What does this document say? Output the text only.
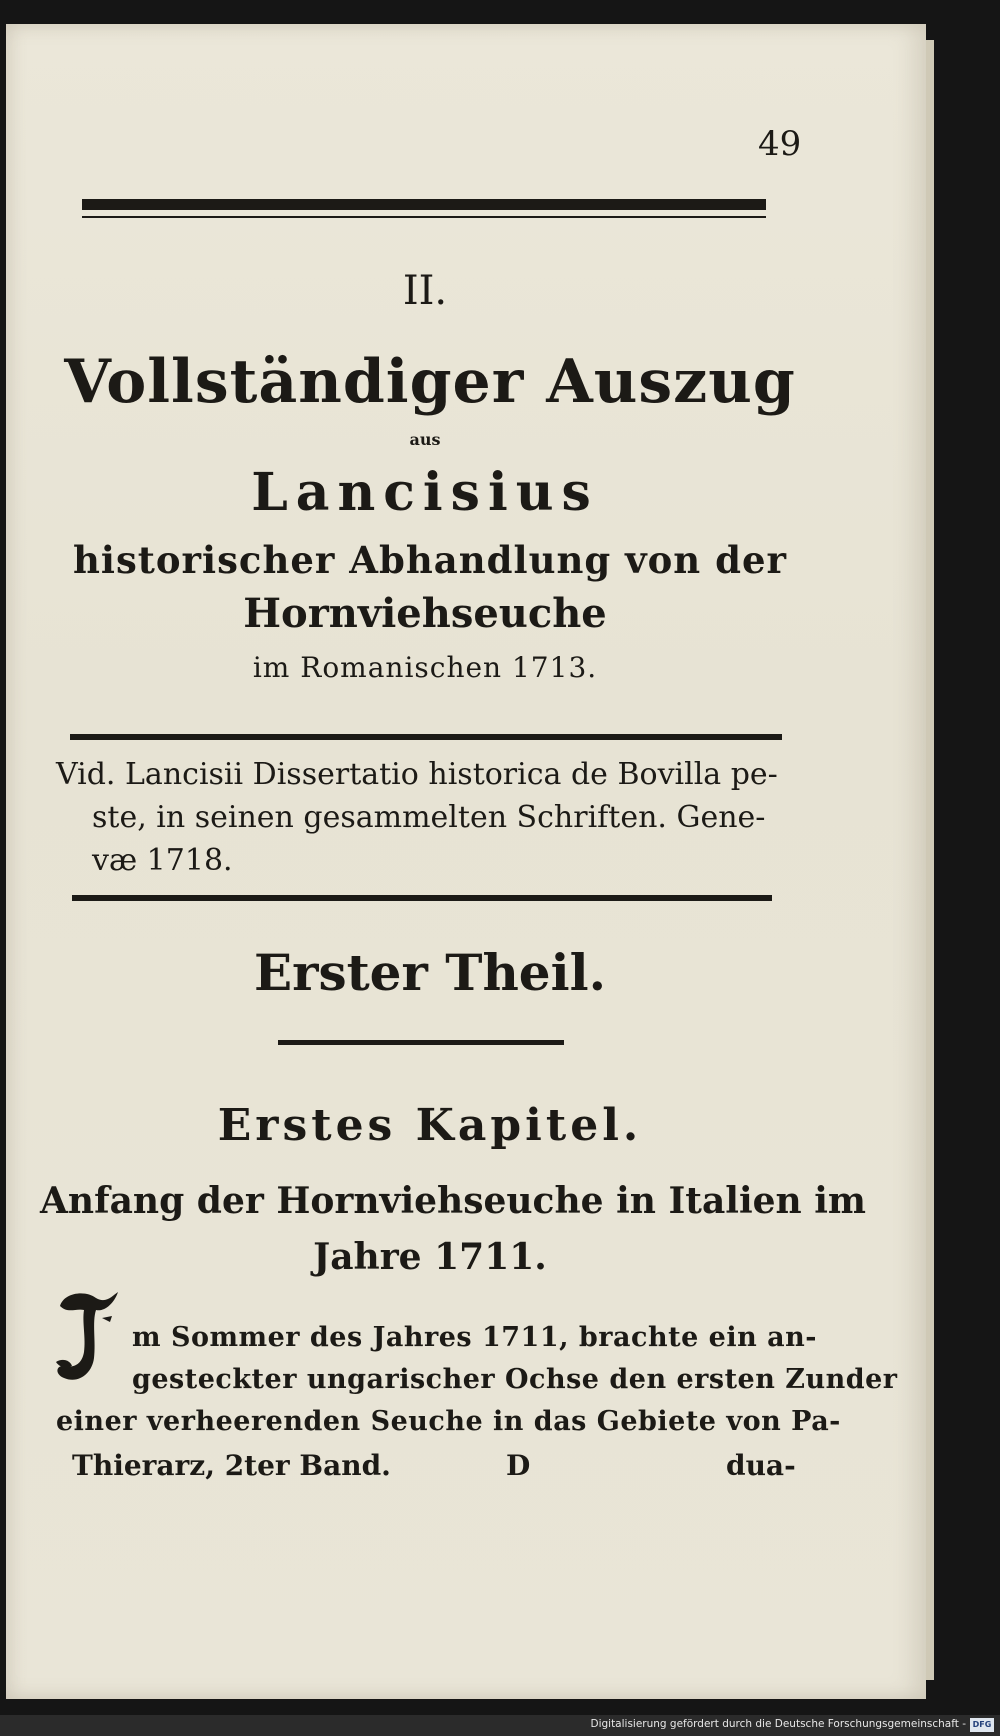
49
II.
Vollständiger Auszug
aus
Lancisius
historischer Abhandlung von der
Hornviehseuche
im Romanischen 1713.
Vid. Lancisii Dissertatio historica de Bovilla pe-
ste, in seinen gesammelten Schriften. Gene-
væ 1718.
Erster Theil.
Erstes Kapitel.
Anfang der Hornviehseuche in Italien im
Jahre 1711.
m Sommer des Jahres 1711, brachte ein an-
gesteckter ungarischer Ochse den ersten Zunder
einer verheerenden Seuche in das Gebiete von Pa-
Thierarz, 2ter Band.	D	dua-
Digitalisierung gefördert durch die Deutsche Forschungsgemeinschaft - DFG
